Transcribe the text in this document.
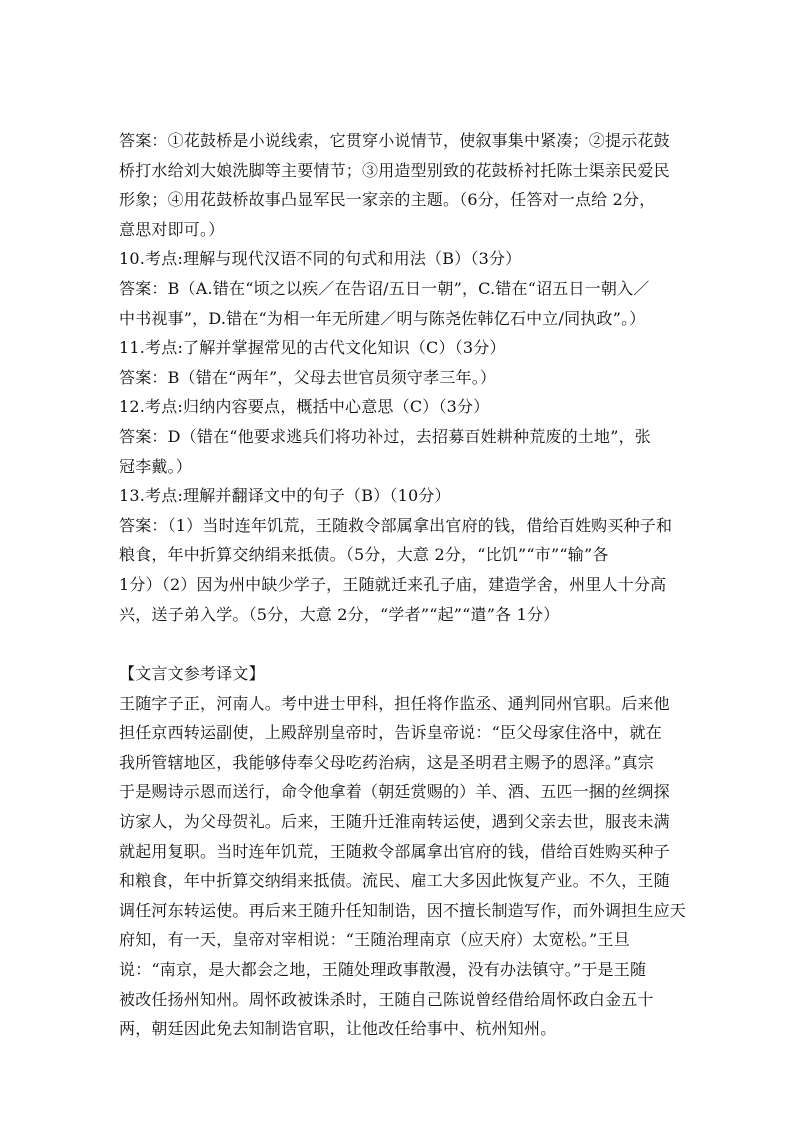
答案：①花鼓桥是小说线索，它贯穿小说情节，使叙事集中紧凑；②提示花鼓
桥打水给刘大娘洗脚等主要情节；③用造型别致的花鼓桥衬托陈士渠亲民爱民
形象；④用花鼓桥故事凸显军民一家亲的主题。（6分，任答对一点给 2分，
意思对即可。）
10.考点:理解与现代汉语不同的句式和用法（B）（3分）
答案：B（A.错在“顷之以疾／在告诏/五日一朝”，C.错在“诏五日一朝入／
中书视事”，D.错在“为相一年无所建／明与陈尧佐韩亿石中立/同执政”。）
11.考点:了解并掌握常见的古代文化知识（C）（3分）
答案：B（错在“两年”，父母去世官员须守孝三年。）
12.考点:归纳内容要点，概括中心意思（C）（3分）
答案：D（错在“他要求逃兵们将功补过，去招募百姓耕种荒废的土地”，张
冠李戴。）
13.考点:理解并翻译文中的句子（B）（10分）
答案：（1）当时连年饥荒，王随救令部属拿出官府的钱，借给百姓购买种子和
粮食，年中折算交纳绢来抵债。（5分，大意 2分，“比饥”“市”“输”各
1分）（2）因为州中缺少学子，王随就迁来孔子庙，建造学舍，州里人十分高
兴，送子弟入学。（5分，大意 2分，“学者”“起”“遣”各 1分）
【文言文参考译文】
王随字子正，河南人。考中进士甲科，担任将作监丞、通判同州官职。后来他
担任京西转运副使，上殿辞别皇帝时，告诉皇帝说：“臣父母家住洛中，就在
我所管辖地区，我能够侍奉父母吃药治病，这是圣明君主赐予的恩泽。”真宗
于是赐诗示恩而送行，命令他拿着（朝廷赏赐的）羊、酒、五匹一捆的丝绸探
访家人，为父母贺礼。后来，王随升迁淮南转运使，遇到父亲去世，服丧未满
就起用复职。当时连年饥荒，王随救令部属拿出官府的钱，借给百姓购买种子
和粮食，年中折算交纳绢来抵债。流民、雇工大多因此恢复产业。不久，王随
调任河东转运使。再后来王随升任知制诰，因不擅长制造写作，而外调担生应天
府知，有一天，皇帝对宰相说：“王随治理南京（应天府）太宽松。”王旦
说：“南京，是大都会之地，王随处理政事散漫，没有办法镇守。”于是王随
被改任扬州知州。周怀政被诛杀时，王随自己陈说曾经借给周怀政白金五十
两，朝廷因此免去知制诰官职，让他改任给事中、杭州知州。
